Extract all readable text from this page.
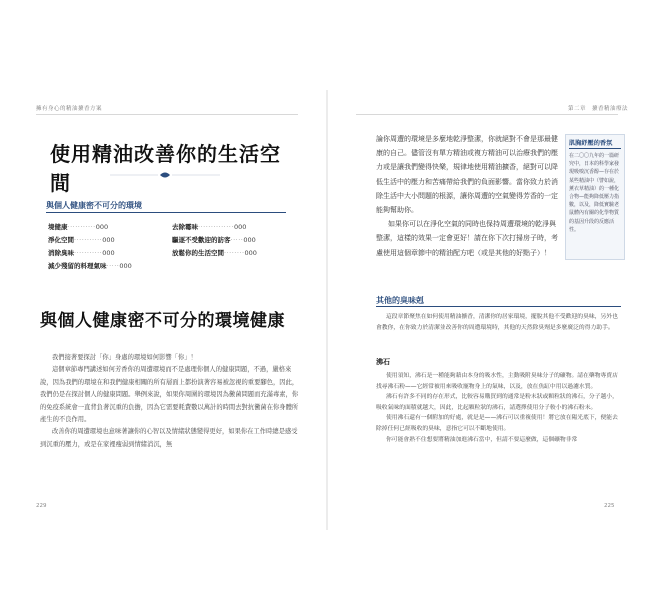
擁有身心的精油擴香方案	第二章　擴香精油療法
使用精油改善你的生活空間
與個人健康密不可分的環境
境健康···········000	去除霉味··············000
淨化空間···········000	驅逐不受歡迎的訪客·····000
消除臭味···········000	放鬆你的生活空間········000
減少殘留的料理氣味·····000
與個人健康密不可分的環境健康

我們接著要探討「你」身處的環境如何影響「你」！

這個章節專門講述如何芳香你的周遭環境而不是處理你個人的健康問題，不過，嚴格來說，因為我們的環境在和我們健康相關的所有層面上都扮演著容易被忽視的重要腳色，因此，我們仍是在探討個人的健康問題。舉例來說，如果你周圍的環境因為黴菌問題而充滿毒素，你的免疫系統會一直背負著沉重的負擔，因為它需要耗費數以萬計的時間去對抗黴菌在你身體所產生的不良作用。

改善你的周遭環境也意味著讓你的心智以及情緒狀態變得更好，如果你在工作時總是感受到沉重的壓力，或是在家裡瘦弱到情緒消沉，無

229

論你周遭的環境是多麼地乾淨整潔，你就絕對不會是那最健康的自己。儘管沒有單方精油或複方精油可以治療我們的壓力或是讓我們變得快樂，規律地使用精油擴香，絕對可以降低生活中的壓力和苦痛帶給我們的負面影響。當你致力於消除生活中大小問題的根源，讓你周遭的空氣變得芳香的一定能夠幫助你。

如果你可以在淨化空氣的同時也保持周遭環境的乾淨與整潔，這樣的效果一定會更好！請在你下次打掃房子時，考慮使用這個章節中的精油配方吧（或是其他的好點子）！

肌胸紓壓的香氛
在二〇〇九年的一篇研究中，日本的科學家發現吸嗅沉香醇—存在於某些精油中（譬如說，薰衣草精油）的一種化合物—能夠降低壓力指數，以及，降低實驗老鼠體內有關的化學物質的基因升段的反應活性。
其他的臭味剋

這段章節聚焦在如何使用精油擴香，清潔你的居家環境，擺脫其他不受歡迎的臭味，另外也會教你，在你致力於清潔並改善你的周遭環境時，其他的天然除臭劑是多麼廣泛的得力助手。

沸石

使用須知，沸石是一種能夠藉由本身的吸水性，主動吸附臭味分子的礦物。請在藥物專賣店找尋沸石粉——它經常被用來吸收寵物身上的氣味，以及，放在魚缸中用以過濾水質。

沸石有許多不同的存在形式，比較容易購買到的通常是粉末狀或顆粒狀的沸石，分子越小，吸收氣味的面積就越大，因此，比起顆粒狀的沸石，請選擇使用分子較小的沸石粉末。

使用沸石還有一個附加的好處，就是是——沸石可以重複使用！將它放在陽光底下，便能去除掉任何已經吸收的臭味，意指它可以不斷地使用。

你可能會熟不住想要將精油加進沸石當中，但請不要這麼做，這個礦物非常

225
